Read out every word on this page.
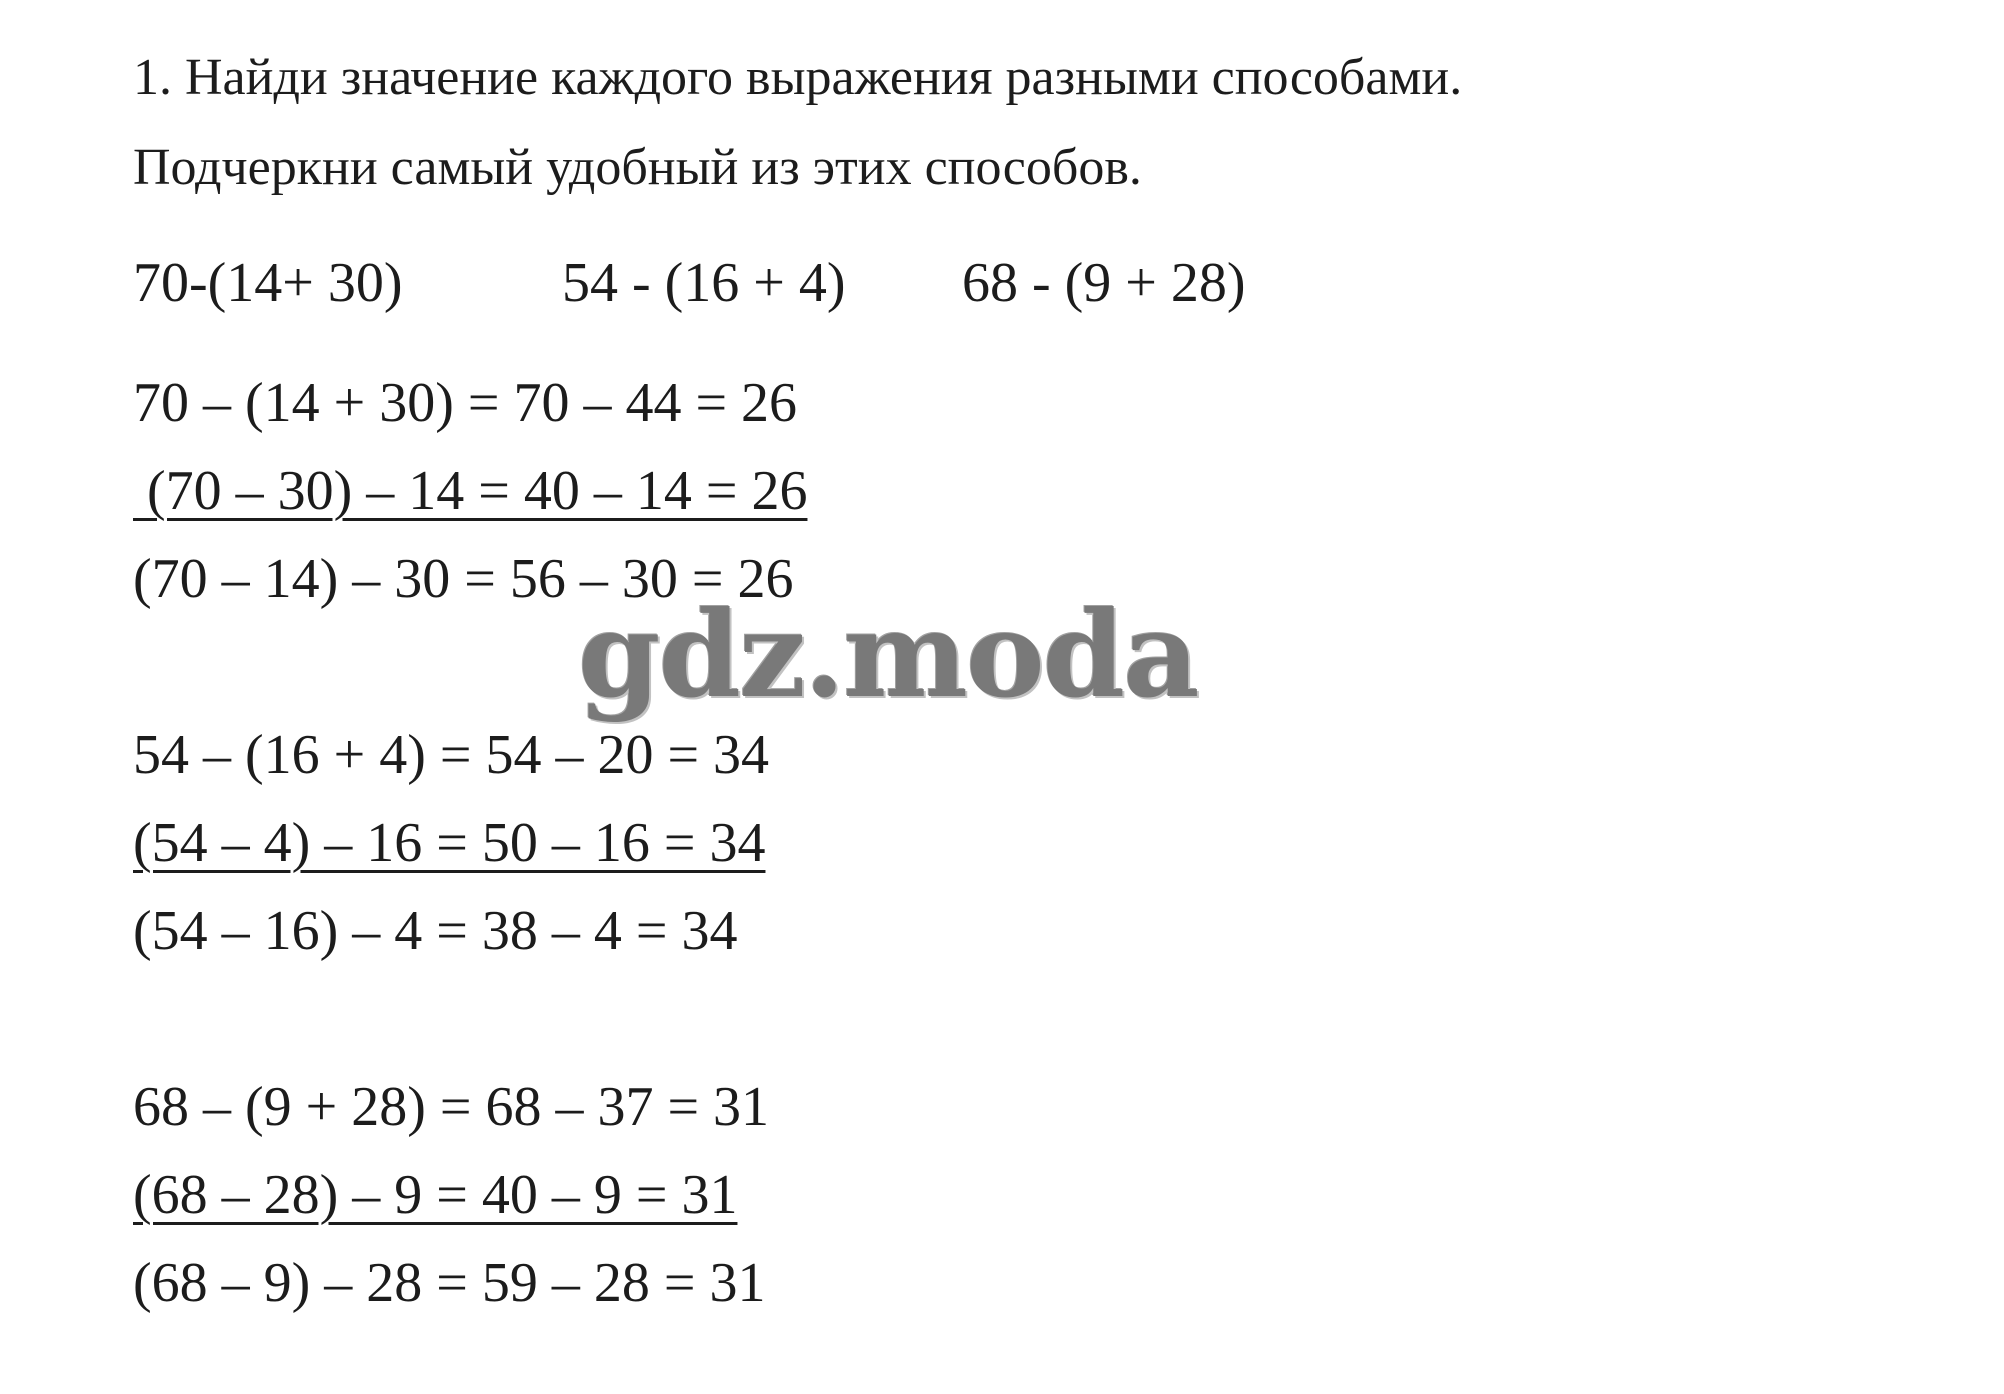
1. Найди значение каждого выражения разными способами.
Подчеркни самый удобный из этих способов.
70-(14+ 30)	54 - (16 + 4) 68 - (9 + 28)
70 – (14 + 30) = 70 – 44 = 26
(70 – 30) – 14 = 40 – 14 = 26
(70 – 14) – 30 = 56 – 30 = 26
gdz.moda
54 – (16 + 4) = 54 – 20 = 34
(54 – 4) – 16 = 50 – 16 = 34
(54 – 16) – 4 = 38 – 4 = 34
68 – (9 + 28) = 68 – 37 = 31
(68 – 28) – 9 = 40 – 9 = 31
(68 – 9) – 28 = 59 – 28 = 31
